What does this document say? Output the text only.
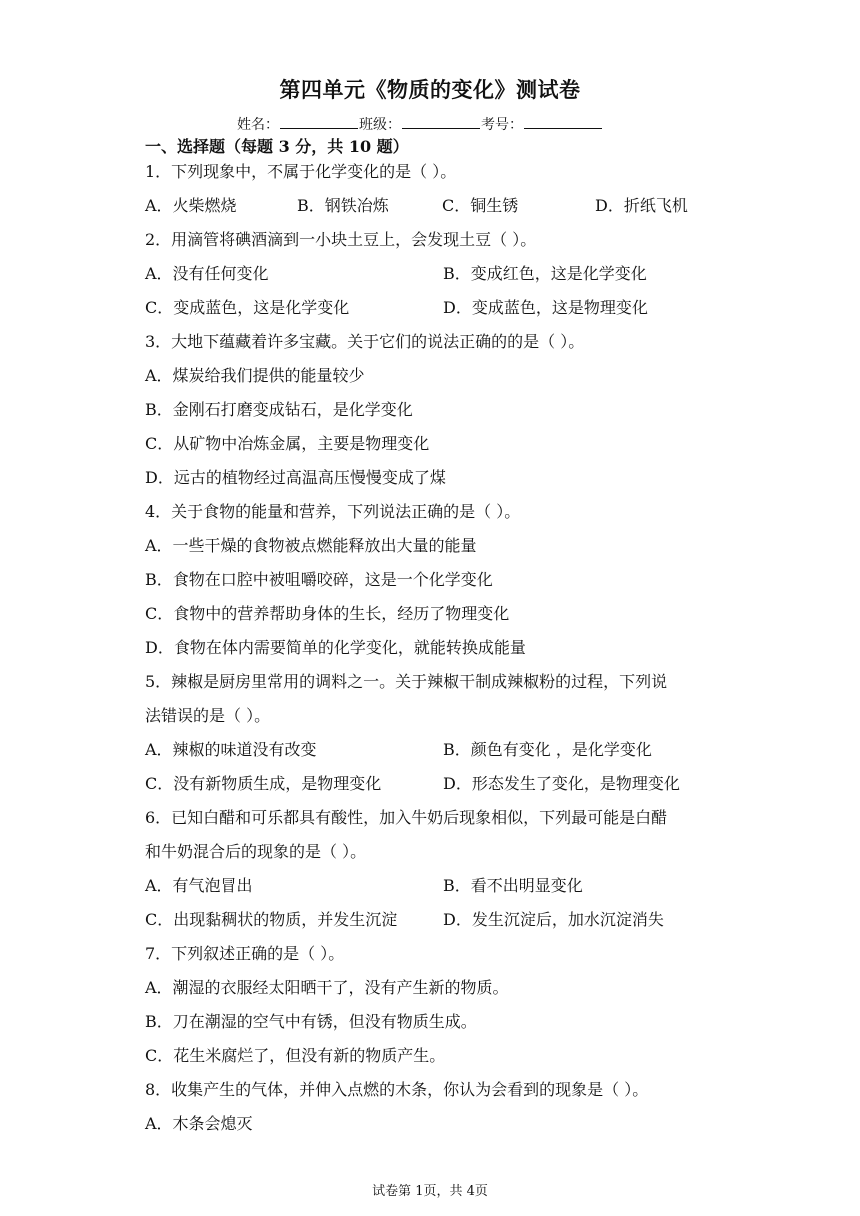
第四单元《物质的变化》测试卷
姓名：	班级：	考号：
一、选择题（每题 3 分，共 10 题）
1．下列现象中，不属于化学变化的是（ ）。
A．火柴燃烧	B．钢铁冶炼	C．铜生锈	D．折纸飞机
2．用滴管将碘酒滴到一小块土豆上，会发现土豆（ ）。
A．没有任何变化	B．变成红色，这是化学变化
C．变成蓝色，这是化学变化	D．变成蓝色，这是物理变化
3．大地下蕴藏着许多宝藏。关于它们的说法正确的的是（ ）。
A．煤炭给我们提供的能量较少
B．金刚石打磨变成钻石，是化学变化
C．从矿物中冶炼金属，主要是物理变化
D．远古的植物经过高温高压慢慢变成了煤
4．关于食物的能量和营养，下列说法正确的是（ ）。
A．一些干燥的食物被点燃能释放出大量的能量
B．食物在口腔中被咀嚼咬碎，这是一个化学变化
C．食物中的营养帮助身体的生长，经历了物理变化
D．食物在体内需要简单的化学变化，就能转换成能量
5．辣椒是厨房里常用的调料之一。关于辣椒干制成辣椒粉的过程，下列说
法错误的是（ ）。
A．辣椒的味道没有改变	B．颜色有变化 ，是化学变化
C．没有新物质生成，是物理变化	D．形态发生了变化，是物理变化
6．已知白醋和可乐都具有酸性，加入牛奶后现象相似，下列最可能是白醋
和牛奶混合后的现象的是（ ）。
A．有气泡冒出	B．看不出明显变化
C．出现黏稠状的物质，并发生沉淀	D．发生沉淀后，加水沉淀消失
7．下列叙述正确的是（ ）。
A．潮湿的衣服经太阳晒干了，没有产生新的物质。
B．刀在潮湿的空气中有锈，但没有物质生成。
C．花生米腐烂了，但没有新的物质产生。
8．收集产生的气体，并伸入点燃的木条，你认为会看到的现象是（ ）。
A．木条会熄灭
试卷第 1页，共 4页
